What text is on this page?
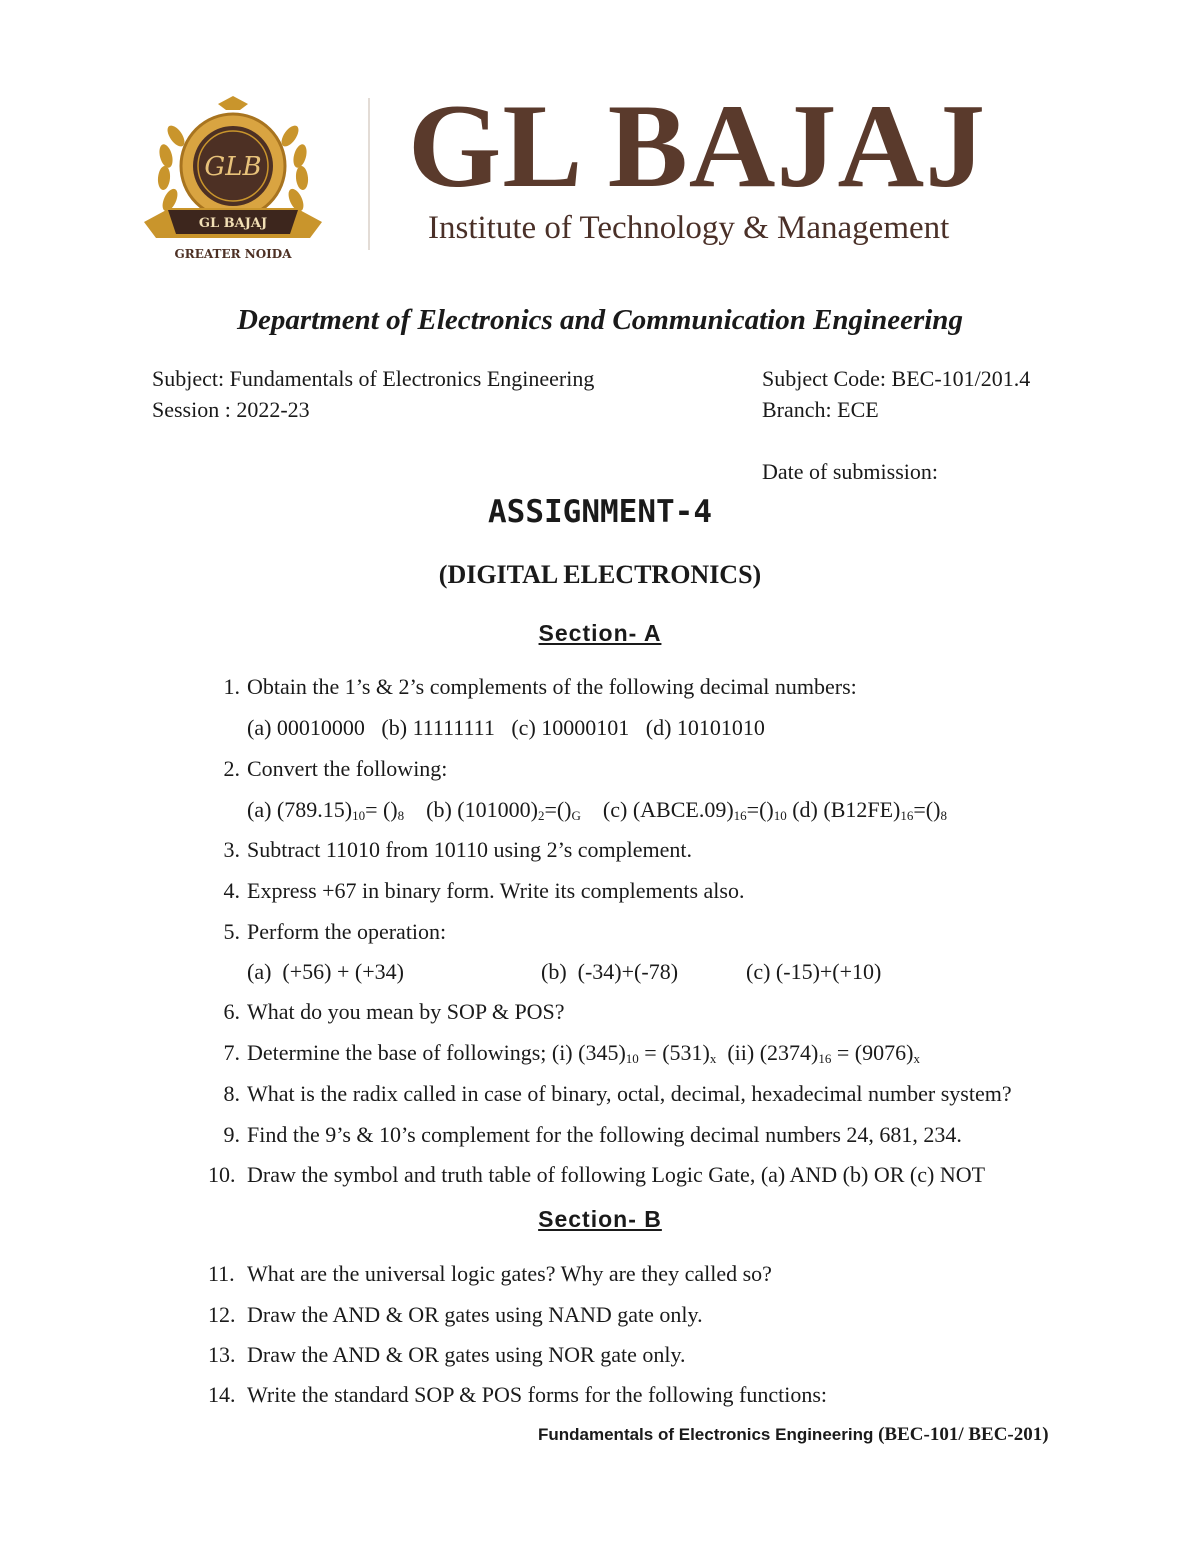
GLB
GL BAJAJ
GREATER NOIDA
GL BAJAJ
Institute of Technology & Management
Department of Electronics and Communication Engineering
Subject: Fundamentals of Electronics Engineering
Session : 2022-23
Subject Code: BEC-101/201.4
Branch: ECE
Date of submission:
ASSIGNMENT-4
(DIGITAL ELECTRONICS)
Section- A
1. Obtain the 1’s & 2’s complements of the following decimal numbers:
(a) 00010000   (b) 11111111   (c) 10000101   (d) 10101010
2. Convert the following:
(a) $(789.15)_{10}= ()_8$ (b) $(101000)_2=()_G$ (c) $(ABCE.09)_{16}=()_{10}$ (d) $(B12FE)_{16}=()_8$
3. Subtract 11010 from 10110 using 2’s complement.
4. Express +67 in binary form. Write its complements also.
5. Perform the operation:
(a)  (+56) + (+34)	(b)  (-34)+(-78)	(c) (-15)+(+10)
6. What do you mean by SOP & POS?
7. Determine the base of followings; (i) $(345)_{10} = (531)_x$  (ii) $(2374)_{16} = (9076)_x$
8. What is the radix called in case of binary, octal, decimal, hexadecimal number system?
9. Find the 9’s & 10’s complement for the following decimal numbers 24, 681, 234.
10. Draw the symbol and truth table of following Logic Gate, (a) AND (b) OR (c) NOT
Section- B
11. What are the universal logic gates? Why are they called so?
12. Draw the AND & OR gates using NAND gate only.
13. Draw the AND & OR gates using NOR gate only.
14. Write the standard SOP & POS forms for the following functions:
Fundamentals of Electronics Engineering (BEC-101/ BEC-201)
